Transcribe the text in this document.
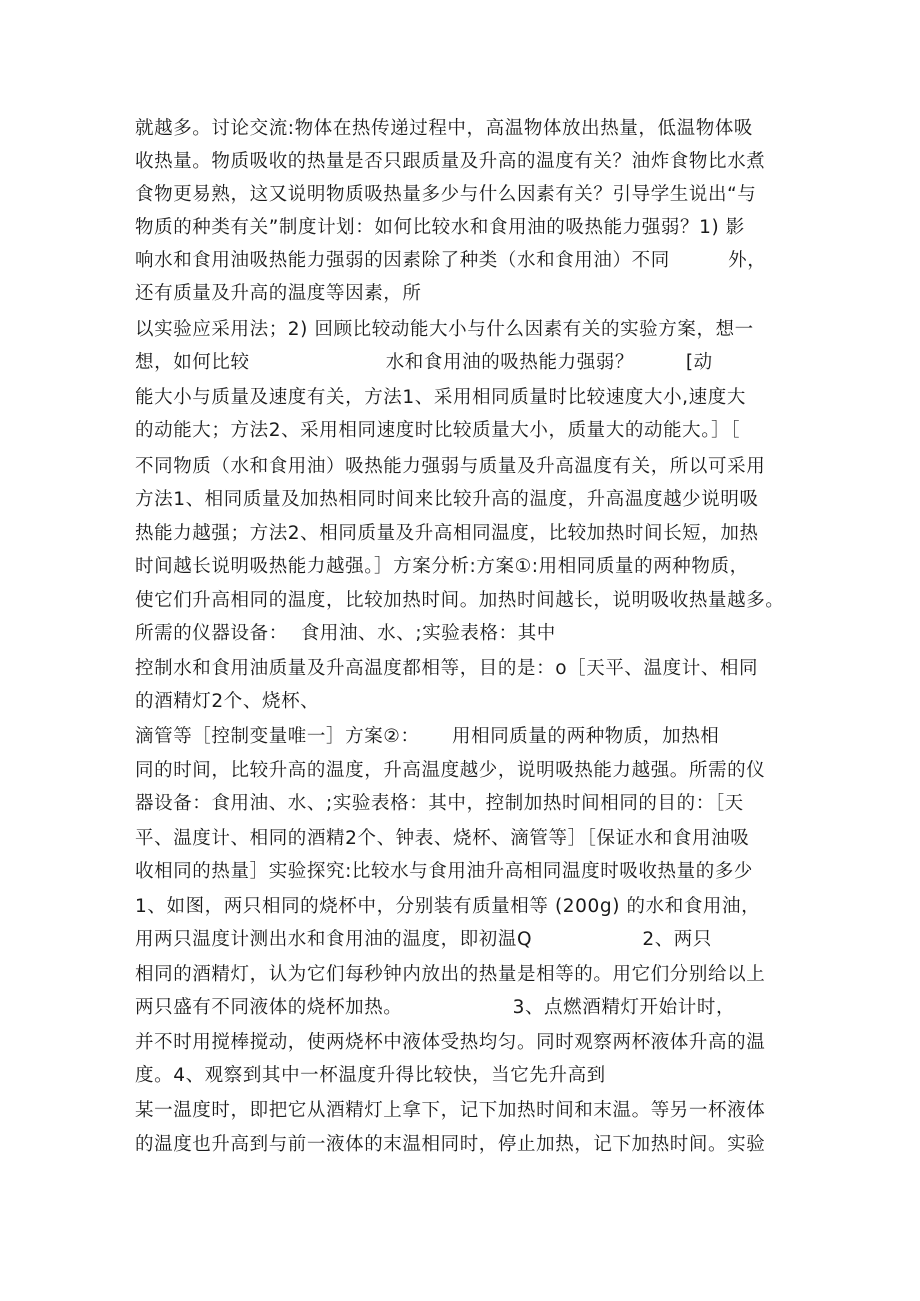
就越多。讨论交流:物体在热传递过程中，高温物体放出热量，低温物体吸
收热量。物质吸收的热量是否只跟质量及升高的温度有关？油炸食物比水煮
食物更易熟，这又说明物质吸热量多少与什么因素有关？引导学生说出“与
物质的种类有关”制度计划：如何比较水和食用油的吸热能力强弱？1) 影
响水和食用油吸热能力强弱的因素除了种类（水和食用油）不同         外，
还有质量及升高的温度等因素，所
以实验应采用法；2) 回顾比较动能大小与什么因素有关的实验方案，想一
想，如何比较                     水和食用油的吸热能力强弱？        [动
能大小与质量及速度有关，方法1、采用相同质量时比较速度大小,速度大
的动能大；方法2、采用相同速度时比较质量大小，质量大的动能大。］［
不同物质（水和食用油）吸热能力强弱与质量及升高温度有关，所以可采用
方法1、相同质量及加热相同时间来比较升高的温度，升高温度越少说明吸
热能力越强；方法2、相同质量及升高相同温度，比较加热时间长短，加热
时间越长说明吸热能力越强。］方案分析:方案①:用相同质量的两种物质，
使它们升高相同的温度，比较加热时间。加热时间越长，说明吸收热量越多。
所需的仪器设备：  食用油、水、;实验表格：其中
控制水和食用油质量及升高温度都相等，目的是：o［天平、温度计、相同
的酒精灯2个、烧杯、
滴管等［控制变量唯一］方案②：     用相同质量的两种物质，加热相
同的时间，比较升高的温度，升高温度越少，说明吸热能力越强。所需的仪
器设备：食用油、水、;实验表格：其中，控制加热时间相同的目的：［天
平、温度计、相同的酒精2个、钟表、烧杯、滴管等］［保证水和食用油吸
收相同的热量］实验探究:比较水与食用油升高相同温度时吸收热量的多少
1、如图，两只相同的烧杯中，分别装有质量相等 (200g) 的水和食用油，
用两只温度计测出水和食用油的温度，即初温Q                 2、两只
相同的酒精灯，认为它们每秒钟内放出的热量是相等的。用它们分别给以上
两只盛有不同液体的烧杯加热。                 3、点燃酒精灯开始计时，
并不时用搅棒搅动，使两烧杯中液体受热均匀。同时观察两杯液体升高的温
度。4、观察到其中一杯温度升得比较快，当它先升高到
某一温度时，即把它从酒精灯上拿下，记下加热时间和末温。等另一杯液体
的温度也升高到与前一液体的末温相同时，停止加热，记下加热时间。实验
